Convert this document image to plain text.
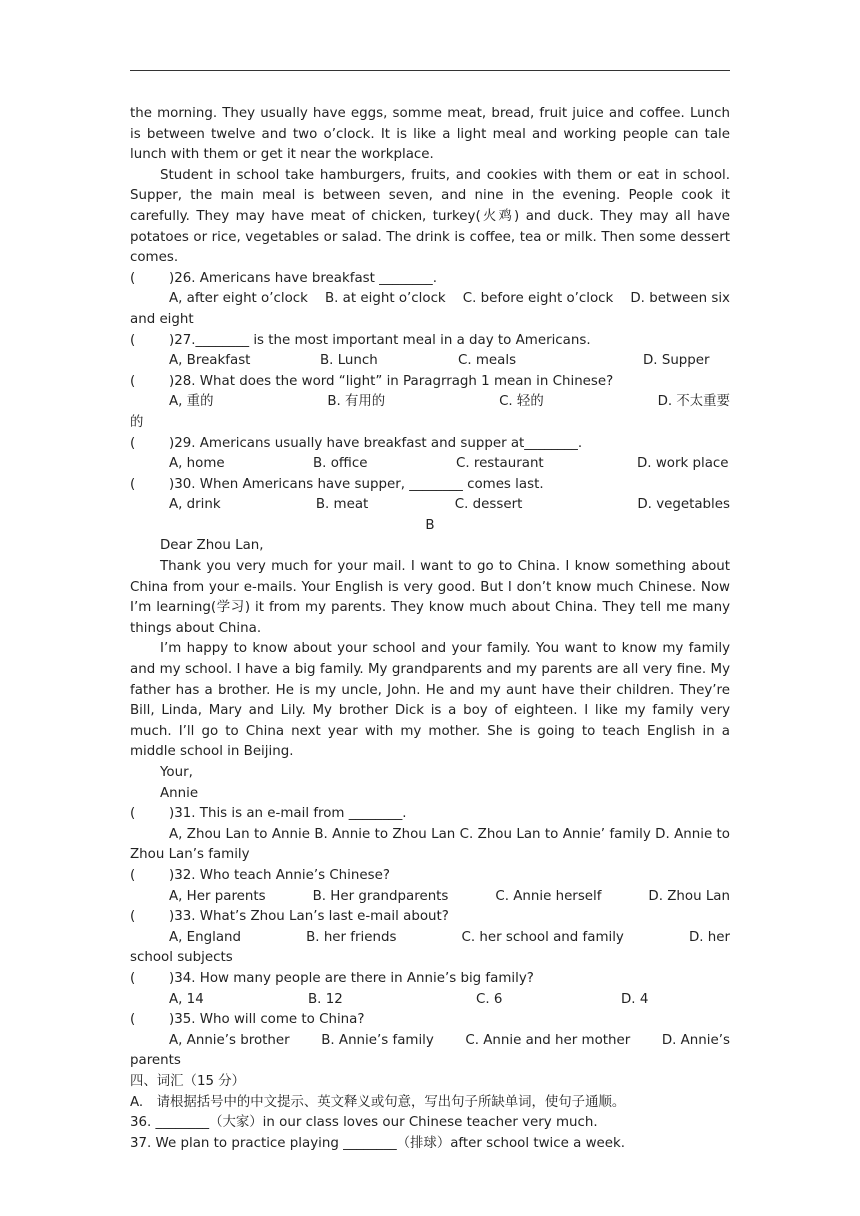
the morning. They usually have eggs, somme meat, bread, fruit juice and coffee. Lunch is between twelve and two o’clock. It is like a light meal and working people can tale lunch with them or get it near the workplace.

Student in school take hamburgers, fruits, and cookies with them or eat in school. Supper, the main meal is between seven, and nine in the evening. People cook it carefully. They may have meat of chicken, turkey(火鸡) and duck. They may all have potatoes or rice, vegetables or salad. The drink is coffee, tea or milk. Then some dessert comes.

(	)26. Americans have breakfast ________.
A, after eight o’clock B. at eight o’clock C. before eight o’clock D. between six

and eight

(	)27.________ is the most important meal in a day to Americans.
A, Breakfast	B. Lunch	C. meals	D. Supper
(	)28. What does the word “light” in Paragrragh 1 mean in Chinese?
A, 重的	B. 有用的	C. 轻的	D. 不太重要

的

(	)29. Americans usually have breakfast and supper at________.
A, home	B. office	C. restaurant	D. work place
(	)30. When Americans have supper, ________ comes last.
A, drink	B. meat	C. dessert	D. vegetables

B

Dear Zhou Lan,

Thank you very much for your mail. I want to go to China. I know something about China from your e-mails. Your English is very good. But I don’t know much Chinese. Now I’m learning(学习) it from my parents. They know much about China. They tell me many things about China.

I’m happy to know about your school and your family. You want to know my family and my school. I have a big family. My grandparents and my parents are all very fine. My father has a brother. He is my uncle, John. He and my aunt have their children. They’re Bill, Linda, Mary and Lily. My brother Dick is a boy of eighteen. I like my family very much. I’ll go to China next year with my mother. She is going to teach English in a middle school in Beijing.

Your,

Annie

(	)31. This is an e-mail from ________.

A, Zhou Lan to Annie B. Annie to Zhou Lan C. Zhou Lan to Annie’ family D. Annie to Zhou Lan’s family

(	)32. Who teach Annie’s Chinese?
A, Her parents	B. Her grandparents	C. Annie herself	D. Zhou Lan
(	)33. What’s Zhou Lan’s last e-mail about?
A, England	B. her friends	C. her school and family	D. her

school subjects

(	)34. How many people are there in Annie’s big family?
A, 14	B. 12	C. 6	D. 4
(	)35. Who will come to China?
A, Annie’s brother B. Annie’s family C. Annie and her mother D. Annie’s

parents

四、词汇（15 分）

A.　请根据括号中的中文提示、英文释义或句意，写出句子所缺单词，使句子通顺。

36. ________（大家）in our class loves our Chinese teacher very much.

37. We plan to practice playing ________（排球）after school twice a week.
